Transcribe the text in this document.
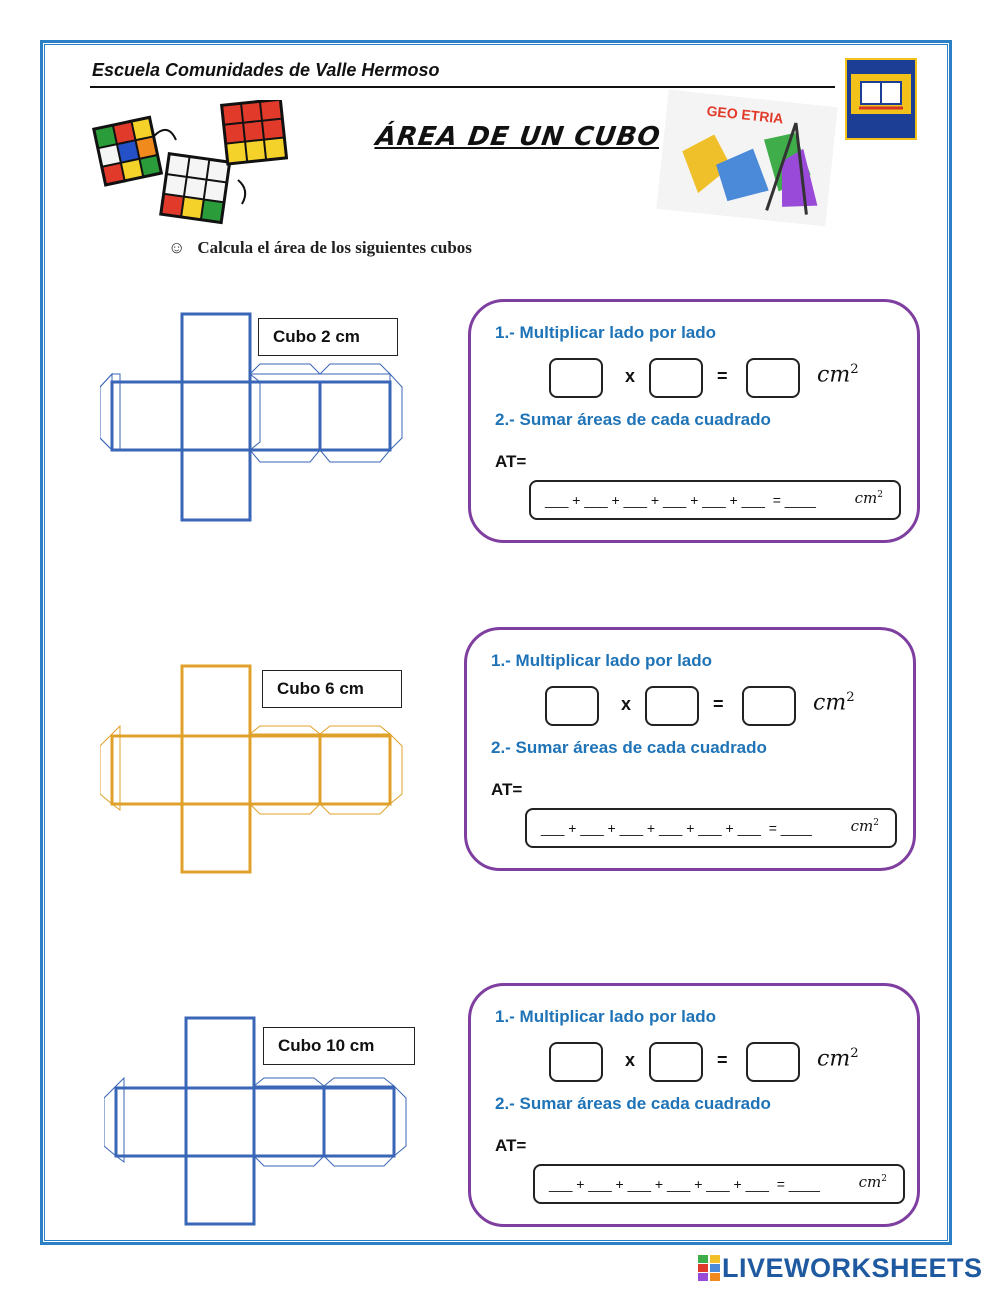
Escuela Comunidades de Valle Hermoso
ÁREA DE UN CUBO
GEO ETRIA
☺ Calcula el área de los siguientes cubos
Cubo 2 cm	1.- Multiplicar lado por lado
x	=	$cm^2$
2.- Sumar áreas de cada cuadrado
AT=
___ + ___ + ___ + ___ + ___ + ___  = ____	$cm^2$
Cubo 6 cm
1.- Multiplicar lado por lado
x	=	$cm^2$
2.- Sumar áreas de cada cuadrado
AT=
___ + ___ + ___ + ___ + ___ + ___  = ____	$cm^2$
Cubo 10 cm
1.- Multiplicar lado por lado
x	=	$cm^2$
2.- Sumar áreas de cada cuadrado
AT=
___ + ___ + ___ + ___ + ___ + ___  = ____	$cm^2$
LIVEWORKSHEETS
